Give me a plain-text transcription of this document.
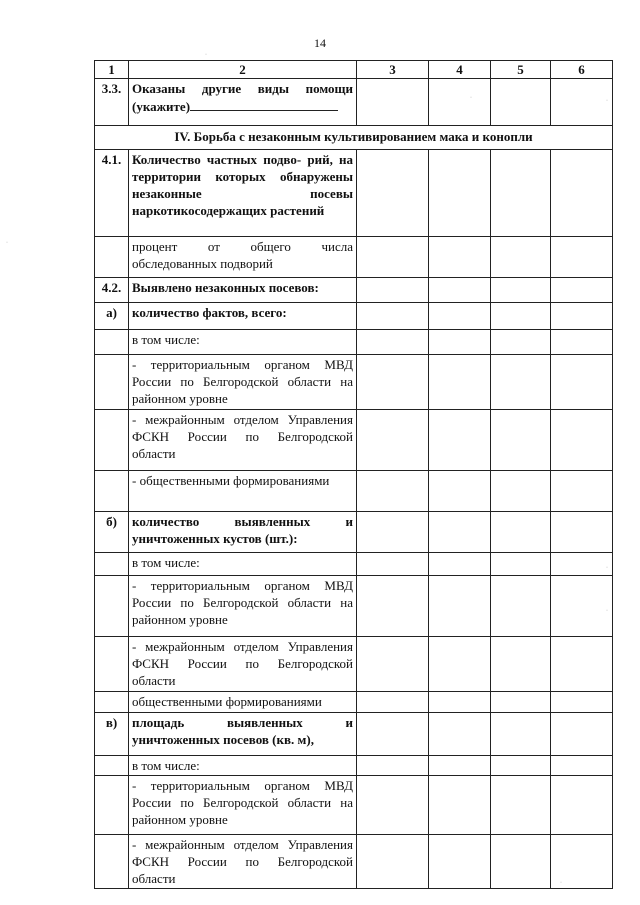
14
1	2	3	4	5	6
3.3.	Оказаны другие виды помощи (укажите)				
IV. Борьба с незаконным культивированием мака и конопли					
4.1.	Количество частных подво- рий, на территории которых обнаружены незаконные посевы наркотикосодержащих растений				
	процент от общего числа обследованных подворий				
4.2.	Выявлено незаконных посевов:				
а)	количество фактов, всего:				
	в том числе:				
	- территориальным органом МВД России по Белгородской области на районном уровне				
	- межрайонным отделом Управления ФСКН России по Белгородской области				
	- общественными формированиями				
б)	количество выявленных и уничтоженных кустов (шт.):				
	в том числе:				
	- территориальным органом МВД России по Белгородской области на районном уровне				
	- межрайонным отделом Управления ФСКН России по Белгородской области				
	общественными формированиями				
в)	площадь выявленных и уничтоженных посевов (кв. м),				
	в том числе:				
	- территориальным органом МВД России по Белгородской области на районном уровне				
	- межрайонным отделом Управления ФСКН России по Белгородской области				
·
·	·
·
·
·
·
